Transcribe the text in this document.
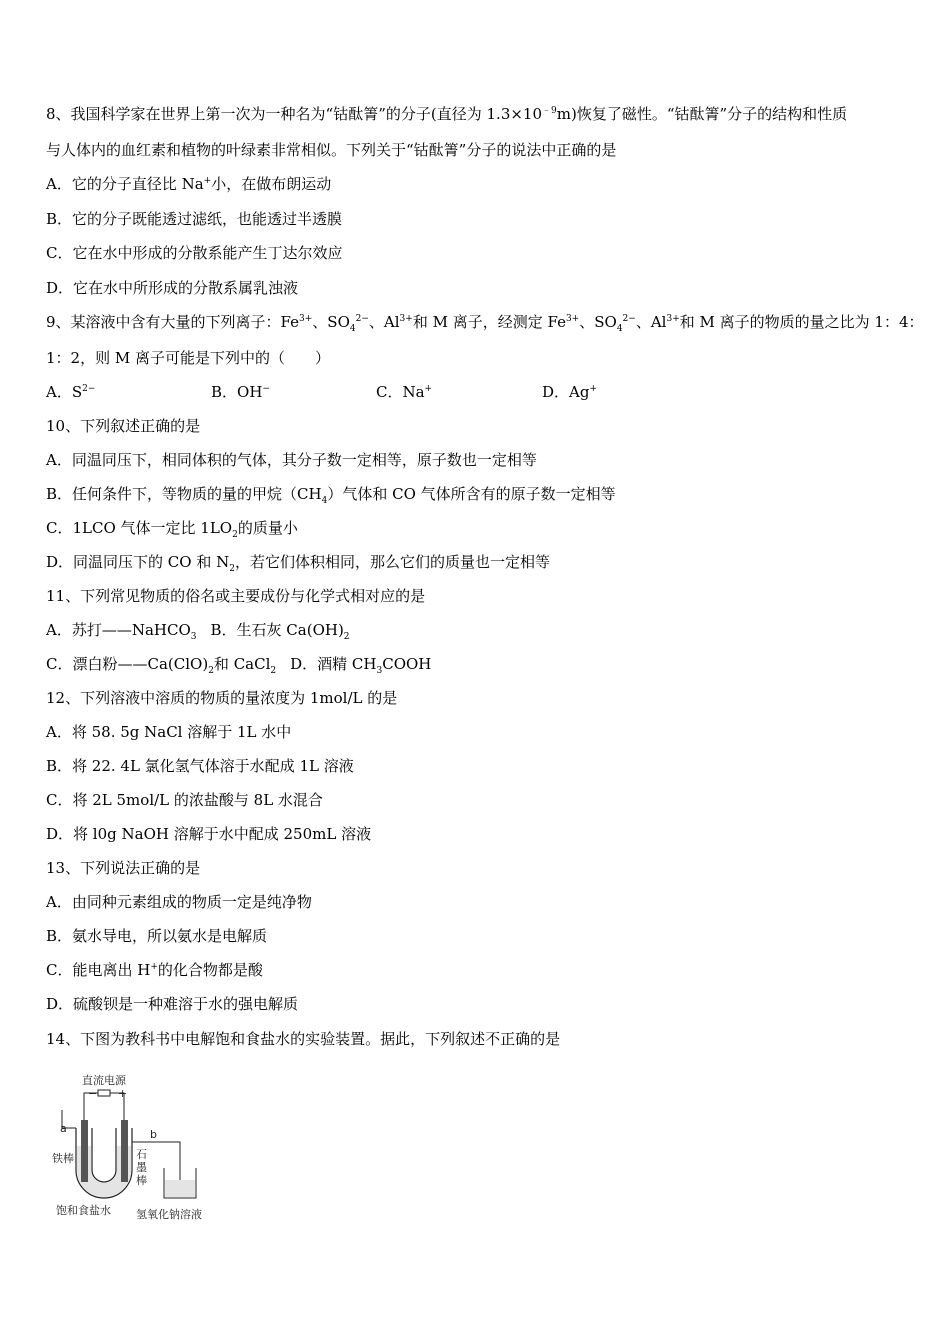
8、我国科学家在世界上第一次为一种名为“钴酞箐”的分子(直径为 $1.3\times 10^{﹣9}m$)恢复了磁性。“钴酞箐”分子的结构和性质
与人体内的血红素和植物的叶绿素非常相似。下列关于“钴酞箐”分子的说法中正确的是
A．它的分子直径比 Na+小，在做布朗运动
B．它的分子既能透过滤纸，也能透过半透膜
C．它在水中形成的分散系能产生丁达尔效应
D．它在水中所形成的分散系属乳浊液
9、某溶液中含有大量的下列离子：$Fe^{3+}$、$SO_4^{2-}$、$Al^{3+}$和 M 离子，经测定 $Fe^{3+}$、$SO_4^{2-}$、$Al^{3+}$和 M 离子的物质的量之比为 1：4：
1：2，则 M 离子可能是下列中的（　　）
A．$S^{2-}$	B．OH−	C．Na+	D．Ag+
10、下列叙述正确的是
A．同温同压下，相同体积的气体，其分子数一定相等，原子数也一定相等
B．任何条件下，等物质的量的甲烷$(CH_4)$气体和 CO 气体所含有的原子数一定相等
C．1LCO 气体一定比 $1LO_2$的质量小
D．同温同压下的 CO 和 $N_2$，若它们体积相同，那么它们的质量也一定相等
11、下列常见物质的俗名或主要成份与化学式相对应的是
A．苏打——NaHCO$_3$ B．生石灰 $Ca(OH)_2$
C．漂白粉$——Ca(ClO)_2$和 CaCl$_2$ D．酒精 $CH_3COOH$
12、下列溶液中溶质的物质的量浓度为 1mol/L 的是
A．将 58. 5g NaCl 溶解于 1L 水中
B．将 22. 4L 氯化氢气体溶于水配成 1L 溶液
C．将 2L 5mol/L 的浓盐酸与 8L 水混合
D．将 l0g NaOH 溶解于水中配成 250mL 溶液
13、下列说法正确的是
A．由同种元素组成的物质一定是纯净物
B．氨水导电，所以氨水是电解质
C．能电离出 H+的化合物都是酸
D．硫酸钡是一种难溶于水的强电解质
14、下图为教科书中电解饱和食盐水的实验装置。据此，下列叙述不正确的是
直流电源
− +
a	b
铁棒	石
墨
棒
饱和食盐水 氢氧化钠溶液
